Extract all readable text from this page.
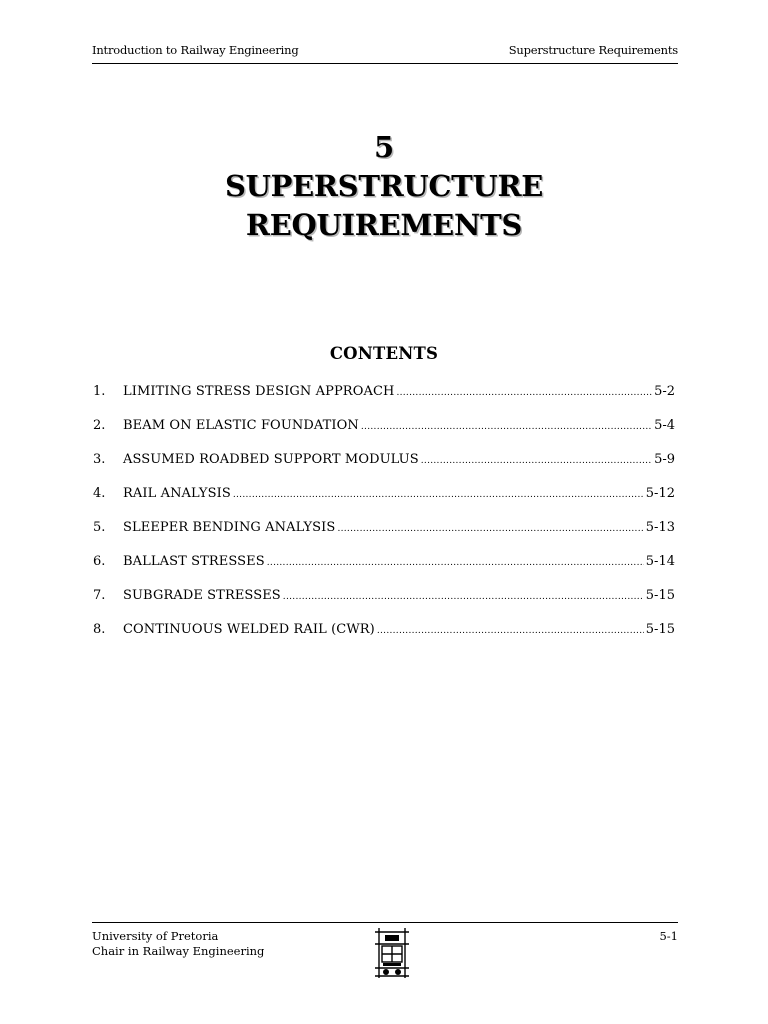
Introduction to Railway Engineering	Superstructure Requirements
5
SUPERSTRUCTURE
REQUIREMENTS
CONTENTS
1.	LIMITING STRESS DESIGN APPROACH .....	5-2
2.	BEAM ON ELASTIC FOUNDATION .....	5-4
3.	ASSUMED ROADBED SUPPORT MODULUS .....	5-9
4.	RAIL ANALYSIS .....	5-12
5.	SLEEPER BENDING ANALYSIS .....	5-13
6.	BALLAST STRESSES .....	5-14
7.	SUBGRADE STRESSES .....	5-15
8.	CONTINUOUS WELDED RAIL (CWR) .....	5-15
University of Pretoria
Chair in Railway Engineering
5-1
